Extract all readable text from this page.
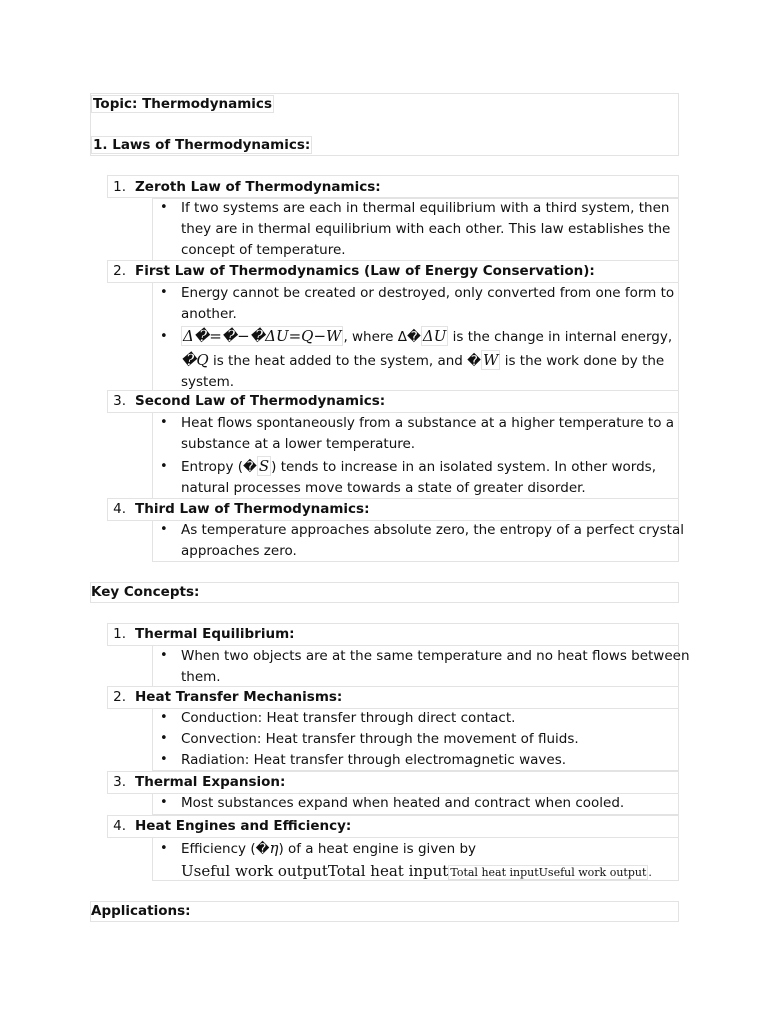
Topic: Thermodynamics
1. Laws of Thermodynamics:
1. Zeroth Law of Thermodynamics:
• If two systems are each in thermal equilibrium with a third system, then
they are in thermal equilibrium with each other. This law establishes the
concept of temperature.
2. First Law of Thermodynamics (Law of Energy Conservation):
• Energy cannot be created or destroyed, only converted from one form to
another.
• Δ�=�−�ΔU=Q−W , where Δ� ΔU is the change in internal energy,
�Q is the heat added to the system, and � W is the work done by the
system.
3. Second Law of Thermodynamics:
• Heat flows spontaneously from a substance at a higher temperature to a
substance at a lower temperature.
• Entropy (� S ) tends to increase in an isolated system. In other words,
natural processes move towards a state of greater disorder.
4. Third Law of Thermodynamics:
• As temperature approaches absolute zero, the entropy of a perfect crystal
approaches zero.
Key Concepts:
1. Thermal Equilibrium:
• When two objects are at the same temperature and no heat flows between
them.
2. Heat Transfer Mechanisms:
• Conduction: Heat transfer through direct contact.
• Convection: Heat transfer through the movement of fluids.
• Radiation: Heat transfer through electromagnetic waves.
3. Thermal Expansion:
• Most substances expand when heated and contract when cooled.
4. Heat Engines and Efficiency:
• Efficiency (�η) of a heat engine is given by
Useful work outputTotal heat input Total heat inputUseful work output .
Applications:
